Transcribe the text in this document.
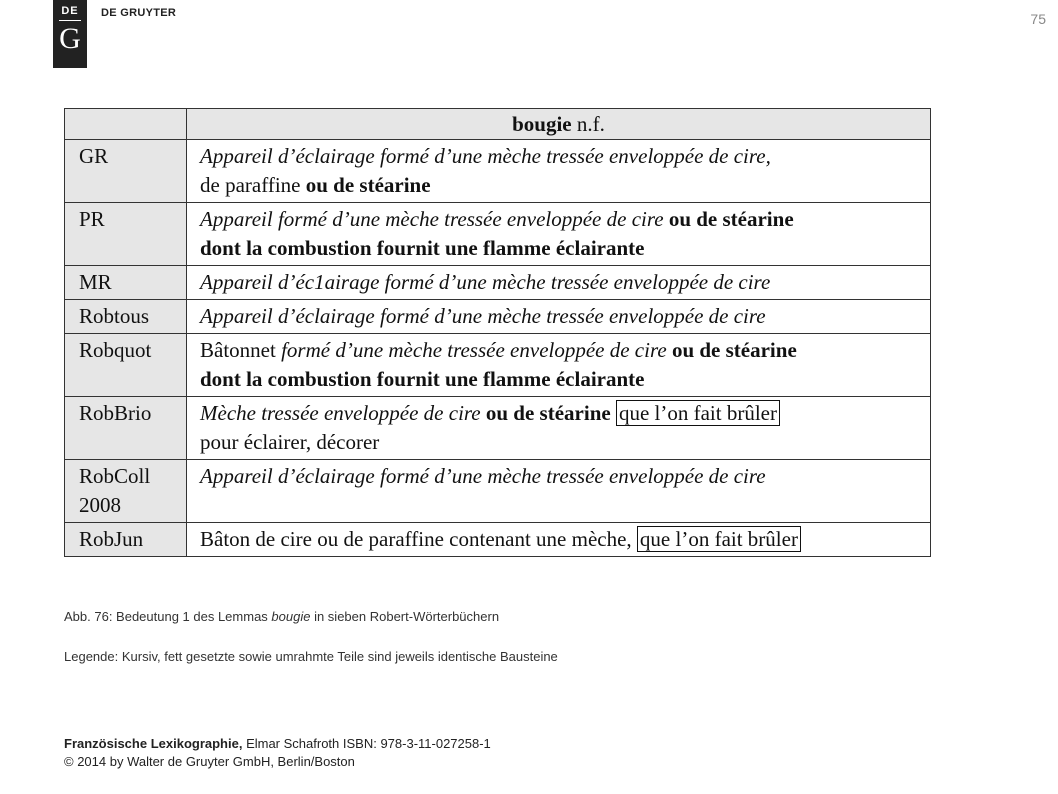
DE
G
DE GRUYTER	75
	bougie n.f.
GR	Appareil d’éclairage formé d’une mèche tressée enveloppée de cire,
de paraffine ou de stéarine
PR	Appareil formé d’une mèche tressée enveloppée de cire ou de stéarine
dont la combustion fournit une flamme éclairante
MR	Appareil d’éc1airage formé d’une mèche tressée enveloppée de cire
Robtous	Appareil d’éclairage formé d’une mèche tressée enveloppée de cire
Robquot	Bâtonnet formé d’une mèche tressée enveloppée de cire ou de stéarine
dont la combustion fournit une flamme éclairante
RobBrio	Mèche tressée enveloppée de cire ou de stéarine que l’on fait brûler
pour éclairer, décorer
RobColl 2008	Appareil d’éclairage formé d’une mèche tressée enveloppée de cire
RobJun	Bâton de cire ou de paraffine contenant une mèche, que l’on fait brûler
Abb. 76: Bedeutung 1 des Lemmas bougie in sieben Robert-Wörterbüchern
Legende: Kursiv, fett gesetzte sowie umrahmte Teile sind jeweils identische Bausteine
Französische Lexikographie, Elmar Schafroth ISBN: 978-3-11-027258-1
© 2014 by Walter de Gruyter GmbH, Berlin/Boston
